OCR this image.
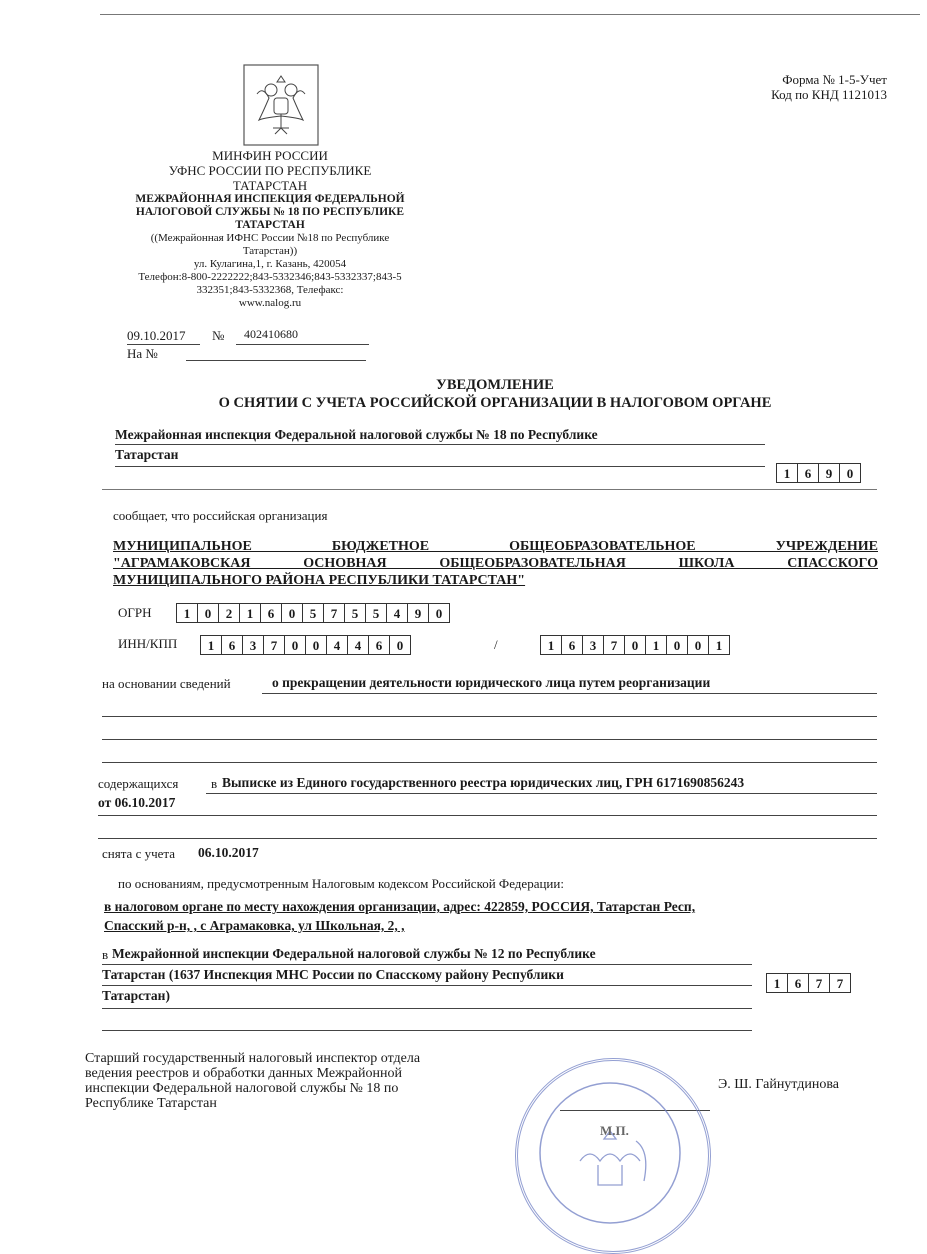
Форма № 1-5-Учет
Код по КНД 1121013
МИНФИН РОССИИ
УФНС РОССИИ ПО РЕСПУБЛИКЕ
ТАТАРСТАН
МЕЖРАЙОННАЯ ИНСПЕКЦИЯ ФЕДЕРАЛЬНОЙ
НАЛОГОВОЙ СЛУЖБЫ № 18 ПО РЕСПУБЛИКЕ
ТАТАРСТАН
((Межрайонная ИФНС России №18 по Республике
Татарстан))
ул. Кулагина,1, г. Казань, 420054
Телефон:8-800-2222222;843-5332346;843-5332337;843-5
332351;843-5332368, Телефакс:
www.nalog.ru
09.10.2017 № 402410680
На №
УВЕДОМЛЕНИЕ
О СНЯТИИ С УЧЕТА РОССИЙСКОЙ ОРГАНИЗАЦИИ В НАЛОГОВОМ ОРГАНЕ
Межрайонная инспекция Федеральной налоговой службы № 18 по Республике
Татарстан
1	6	9	0
сообщает, что российская организация
МУНИЦИПАЛЬНОЕ БЮДЖЕТНОЕ ОБЩЕОБРАЗОВАТЕЛЬНОЕ УЧРЕЖДЕНИЕ
"АГРАМАКОВСКАЯ ОСНОВНАЯ ОБЩЕОБРАЗОВАТЕЛЬНАЯ ШКОЛА СПАССКОГО
МУНИЦИПАЛЬНОГО РАЙОНА РЕСПУБЛИКИ ТАТАРСТАН"
ОГРН	1	0	2	1	6	0	5	7	5	5	4	9	0
ИНН/КПП	1	6	3	7	0	0	4	4	6	0	/	1	6	3	7	0	1	0	0	1
на основании сведений	о прекращении деятельности юридического лица путем реорганизации
содержащихся	в Выписке из Единого государственного реестра юридических лиц, ГРН 6171690856243
от 06.10.2017
снята с учета 06.10.2017
по основаниям, предусмотренным Налоговым кодексом Российской Федерации:
в налоговом органе по месту нахождения организации, адрес: 422859, РОССИЯ, Татарстан Респ,
Спасский р-н, , с Аграмаковка, ул Школьная, 2, ,
в Межрайонной инспекции Федеральной налоговой службы № 12 по Республике
Татарстан (1637 Инспекция МНС России по Спасскому району Республики
Татарстан)
1	6	7	7
Старший государственный налоговый инспектор отдела
ведения реестров и обработки данных Межрайонной
инспекции Федеральной налоговой службы № 18 по
Республике Татарстан
Э. Ш. Гайнутдинова
М.П.
